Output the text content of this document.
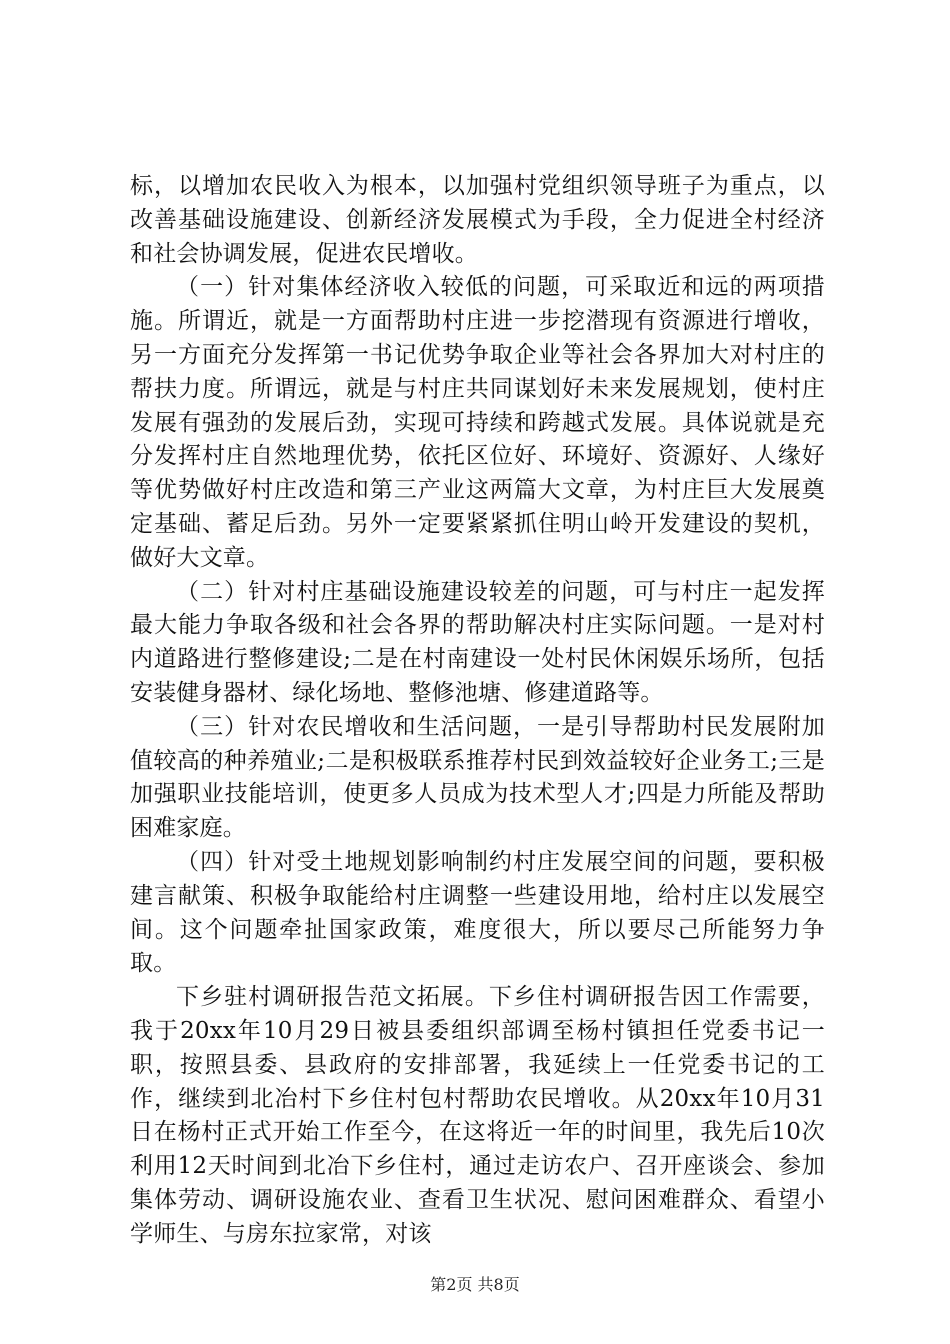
标，以增加农民收入为根本，以加强村党组织领导班子为重点，以改善基础设施建设、创新经济发展模式为手段，全力促进全村经济和社会协调发展，促进农民增收。

（一）针对集体经济收入较低的问题，可采取近和远的两项措施。所谓近，就是一方面帮助村庄进一步挖潜现有资源进行增收，另一方面充分发挥第一书记优势争取企业等社会各界加大对村庄的帮扶力度。所谓远，就是与村庄共同谋划好未来发展规划，使村庄发展有强劲的发展后劲，实现可持续和跨越式发展。具体说就是充分发挥村庄自然地理优势，依托区位好、环境好、资源好、人缘好等优势做好村庄改造和第三产业这两篇大文章，为村庄巨大发展奠定基础、蓄足后劲。另外一定要紧紧抓住明山岭开发建设的契机，做好大文章。

（二）针对村庄基础设施建设较差的问题，可与村庄一起发挥最大能力争取各级和社会各界的帮助解决村庄实际问题。一是对村内道路进行整修建设;二是在村南建设一处村民休闲娱乐场所，包括安装健身器材、绿化场地、整修池塘、修建道路等。

（三）针对农民增收和生活问题，一是引导帮助村民发展附加值较高的种养殖业;二是积极联系推荐村民到效益较好企业务工;三是加强职业技能培训，使更多人员成为技术型人才;四是力所能及帮助困难家庭。

（四）针对受土地规划影响制约村庄发展空间的问题，要积极建言献策、积极争取能给村庄调整一些建设用地，给村庄以发展空间。这个问题牵扯国家政策，难度很大，所以要尽己所能努力争取。

下乡驻村调研报告范文拓展。下乡住村调研报告因工作需要，我于20xx年10月29日被县委组织部调至杨村镇担任党委书记一职，按照县委、县政府的安排部署，我延续上一任党委书记的工作，继续到北冶村下乡住村包村帮助农民增收。从20xx年10月31日在杨村正式开始工作至今，在这将近一年的时间里，我先后10次利用12天时间到北冶下乡住村，通过走访农户、召开座谈会、参加集体劳动、调研设施农业、查看卫生状况、慰问困难群众、看望小学师生、与房东拉家常，对该

第2页 共8页
